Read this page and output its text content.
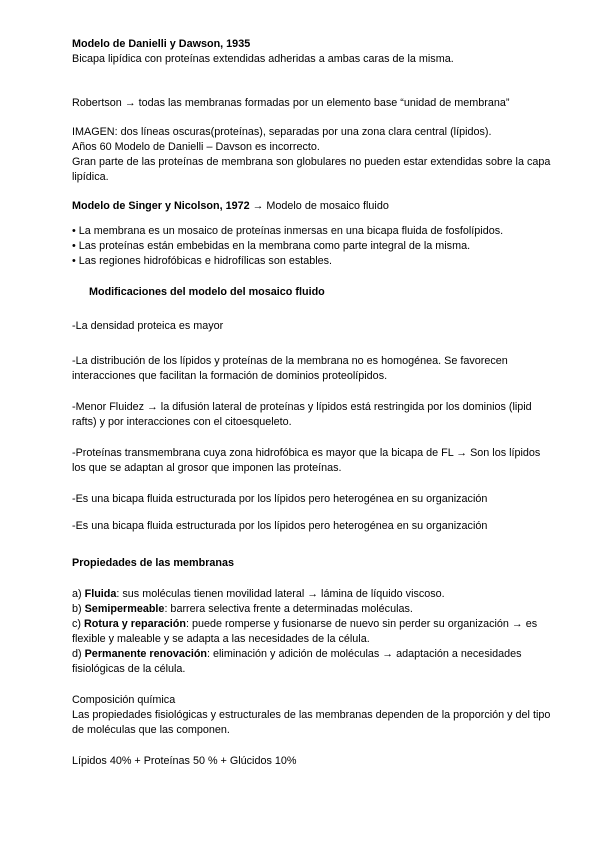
Modelo de Danielli y Dawson, 1935

Bicapa lipídica con proteínas extendidas adheridas a ambas caras de la misma.

Robertson → todas las membranas formadas por un elemento base “unidad de membrana”

IMAGEN: dos líneas oscuras(proteínas), separadas por una zona clara central (lípidos).

Años 60 Modelo de Danielli – Davson es incorrecto.

Gran parte de las proteínas de membrana son globulares no pueden estar extendidas sobre la capa lipídica.

Modelo de Singer y Nicolson, 1972 → Modelo de mosaico fluido

• La membrana es un mosaico de proteínas inmersas en una bicapa fluida de fosfolípidos.

• Las proteínas están embebidas en la membrana como parte integral de la misma.

• Las regiones hidrofóbicas e hidrofílicas son estables.

Modificaciones del modelo del mosaico fluido

-La densidad proteica es mayor

-La distribución de los lípidos y proteínas de la membrana no es homogénea. Se favorecen interacciones que facilitan la formación de dominios proteolípidos.

-Menor Fluidez → la difusión lateral de proteínas y lípidos está restringida por los dominios (lipid rafts) y por interacciones con el citoesqueleto.

-Proteínas transmembrana cuya zona hidrofóbica es mayor que la bicapa de FL → Son los lípidos los que se adaptan al grosor que imponen las proteínas.

-Es una bicapa fluida estructurada por los lípidos pero heterogénea en su organización

-Es una bicapa fluida estructurada por los lípidos pero heterogénea en su organización

Propiedades de las membranas

a) Fluida: sus moléculas tienen movilidad lateral → lámina de líquido viscoso.

b) Semipermeable: barrera selectiva frente a determinadas moléculas.

c) Rotura y reparación: puede romperse y fusionarse de nuevo sin perder su organización → es flexible y maleable y se adapta a las necesidades de la célula.

d) Permanente renovación: eliminación y adición de moléculas → adaptación a necesidades fisiológicas de la célula.

Composición química

Las propiedades fisiológicas y estructurales de las membranas dependen de la proporción y del tipo de moléculas que las componen.

Lípidos 40% + Proteínas 50 % + Glúcidos 10%
